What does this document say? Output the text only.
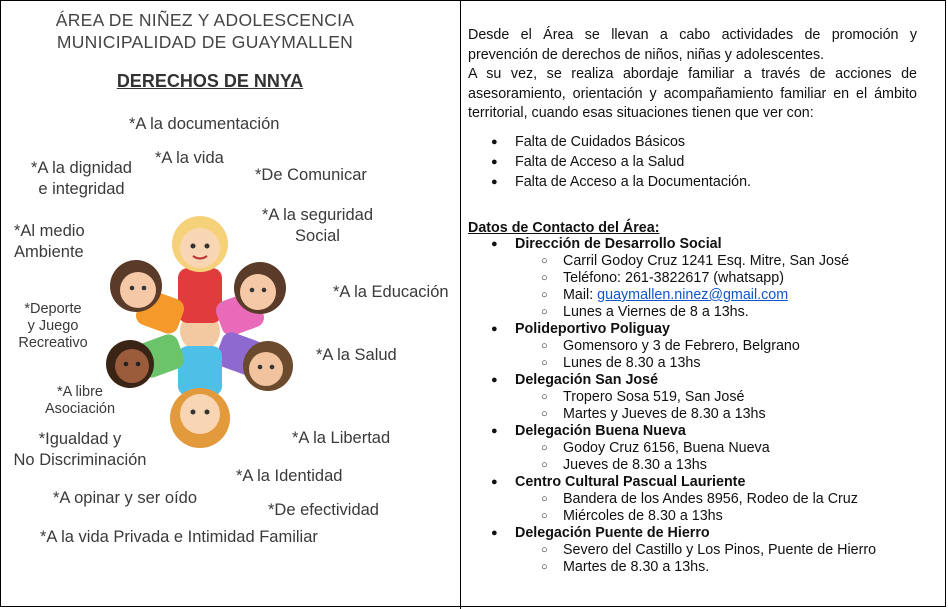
ÁREA DE NIÑEZ Y ADOLESCENCIA
MUNICIPALIDAD DE GUAYMALLEN
DERECHOS DE NNYA
*A la documentación
*A la vida
*A la dignidad
e integridad
*De Comunicar
*A la seguridad
Social
*Al medio
Ambiente
*A la Educación
*Deporte
y Juego
Recreativo
*A la Salud
*A libre
Asociación
*A la Libertad
*Igualdad y
No Discriminación
*A la Identidad
*A opinar y ser oído
*De efectividad
*A la vida Privada e Intimidad Familiar

Desde el Área se llevan a cabo actividades de promoción y prevención de derechos de niños, niñas y adolescentes.

A su vez, se realiza abordaje familiar a través de acciones de asesoramiento, orientación y acompañamiento familiar en el ámbito territorial, cuando esas situaciones tienen que ver con:

● Falta de Cuidados Básicos
● Falta de Acceso a la Salud
● Falta de Acceso a la Documentación.
Datos de Contacto del Área:
● Dirección de Desarrollo Social
○ Carril Godoy Cruz 1241 Esq. Mitre, San José
○ Teléfono: 261-3822617 (whatsapp)
○ Mail: guaymallen.ninez@gmail.com
○ Lunes a Viernes de 8 a 13hs.
● Polideportivo Poliguay
○ Gomensoro y 3 de Febrero, Belgrano
○ Lunes de 8.30 a 13hs
● Delegación San José
○ Tropero Sosa 519, San José
○ Martes y Jueves de 8.30 a 13hs
● Delegación Buena Nueva
○ Godoy Cruz 6156, Buena Nueva
○ Jueves de 8.30 a 13hs
● Centro Cultural Pascual Lauriente
○ Bandera de los Andes 8956, Rodeo de la Cruz
○ Miércoles de 8.30 a 13hs
● Delegación Puente de Hierro
○ Severo del Castillo y Los Pinos, Puente de Hierro
○ Martes de 8.30 a 13hs.
